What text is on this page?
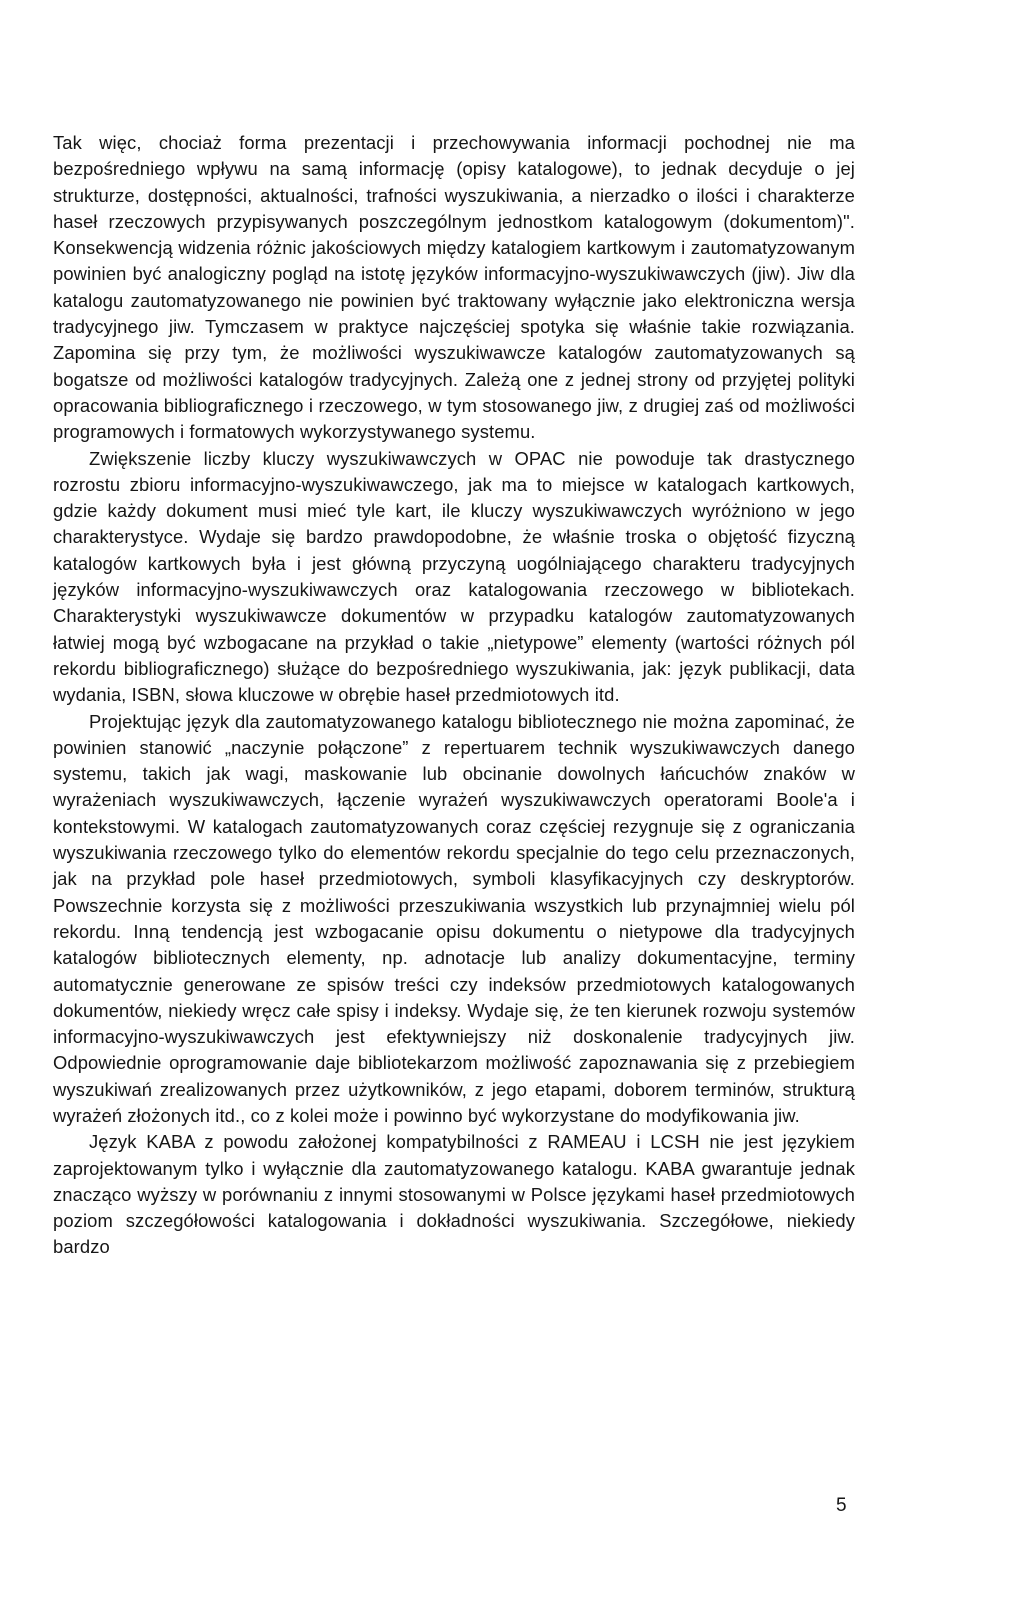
Tak więc, chociaż forma prezentacji i przechowywania informacji pochodnej nie ma bezpośredniego wpływu na samą informację (opisy katalogowe), to jednak decyduje o jej strukturze, dostępności, aktualności, trafności wyszukiwania, a nierzadko o ilości i charakterze haseł rzeczowych przypisywanych poszczególnym jednostkom katalogowym (dokumentom)". Konsekwencją widzenia różnic jakościowych między katalogiem kartkowym i zautomatyzowanym powinien być analogiczny pogląd na istotę języków informacyjno-wyszukiwawczych (jiw). Jiw dla katalogu zautomatyzowanego nie powinien być traktowany wyłącznie jako elektroniczna wersja tradycyjnego jiw. Tymczasem w praktyce najczęściej spotyka się właśnie takie rozwiązania. Zapomina się przy tym, że możliwości wyszukiwawcze katalogów zautomatyzowanych są bogatsze od możliwości katalogów tradycyjnych. Zależą one z jednej strony od przyjętej polityki opracowania bibliograficznego i rzeczowego, w tym stosowanego jiw, z drugiej zaś od możliwości programowych i formatowych wykorzystywanego systemu.

Zwiększenie liczby kluczy wyszukiwawczych w OPAC nie powoduje tak drastycznego rozrostu zbioru informacyjno-wyszukiwawczego, jak ma to miejsce w katalogach kartkowych, gdzie każdy dokument musi mieć tyle kart, ile kluczy wyszukiwawczych wyróżniono w jego charakterystyce. Wydaje się bardzo prawdopodobne, że właśnie troska o objętość fizyczną katalogów kartkowych była i jest główną przyczyną uogólniającego charakteru tradycyjnych języków informacyjno-wyszukiwawczych oraz katalogowania rzeczowego w bibliotekach. Charakterystyki wyszukiwawcze dokumentów w przypadku katalogów zautomatyzowanych łatwiej mogą być wzbogacane na przykład o takie „nietypowe” elementy (wartości różnych pól rekordu bibliograficznego) służące do bezpośredniego wyszukiwania, jak: język publikacji, data wydania, ISBN, słowa kluczowe w obrębie haseł przedmiotowych itd.

Projektując język dla zautomatyzowanego katalogu bibliotecznego nie można zapominać, że powinien stanowić „naczynie połączone” z repertuarem technik wyszukiwawczych danego systemu, takich jak wagi, maskowanie lub obcinanie dowolnych łańcuchów znaków w wyrażeniach wyszukiwawczych, łączenie wyrażeń wyszukiwawczych operatorami Boole'a i kontekstowymi. W katalogach zautomatyzowanych coraz częściej rezygnuje się z ograniczania wyszukiwania rzeczowego tylko do elementów rekordu specjalnie do tego celu przeznaczonych, jak na przykład pole haseł przedmiotowych, symboli klasyfikacyjnych czy deskryptorów. Powszechnie korzysta się z możliwości przeszukiwania wszystkich lub przynajmniej wielu pól rekordu. Inną tendencją jest wzbogacanie opisu dokumentu o nietypowe dla tradycyjnych katalogów bibliotecznych elementy, np. adnotacje lub analizy dokumentacyjne, terminy automatycznie generowane ze spisów treści czy indeksów przedmiotowych katalogowanych dokumentów, niekiedy wręcz całe spisy i indeksy. Wydaje się, że ten kierunek rozwoju systemów informacyjno-wyszukiwawczych jest efektywniejszy niż doskonalenie tradycyjnych jiw. Odpowiednie oprogramowanie daje bibliotekarzom możliwość zapoznawania się z przebiegiem wyszukiwań zrealizowanych przez użytkowników, z jego etapami, doborem terminów, strukturą wyrażeń złożonych itd., co z kolei może i powinno być wykorzystane do modyfikowania jiw.

Język KABA z powodu założonej kompatybilności z RAMEAU i LCSH nie jest językiem zaprojektowanym tylko i wyłącznie dla zautomatyzowanego katalogu. KABA gwarantuje jednak znacząco wyższy w porównaniu z innymi stosowanymi w Polsce językami haseł przedmiotowych poziom szczegółowości katalogowania i dokładności wyszukiwania. Szczegółowe, niekiedy bardzo

5
